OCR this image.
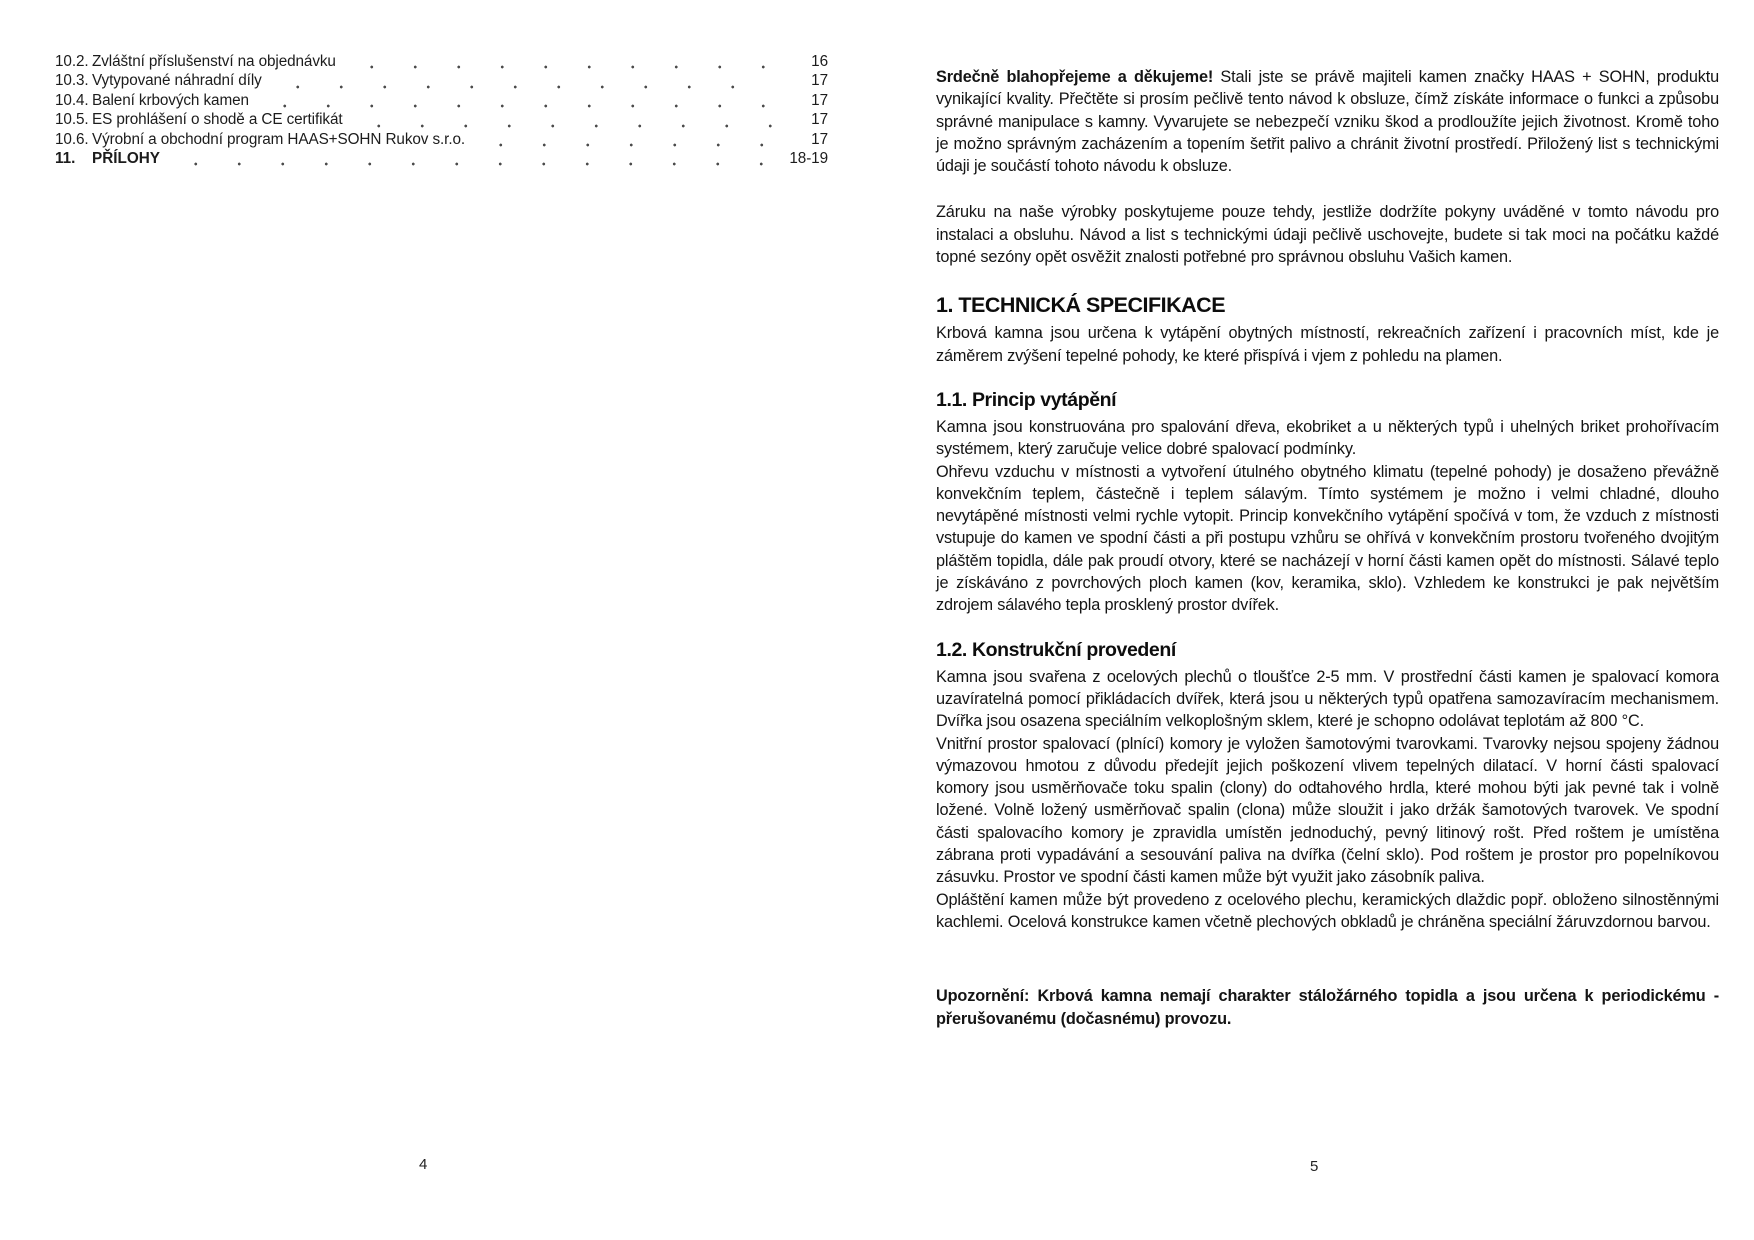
10.2. Zvláštní příslušenství na objednávku	16
10.3. Vytypované náhradní díly	17
10.4. Balení krbových kamen	17
10.5. ES prohlášení o shodě a CE certifikát	17
10.6. Výrobní a obchodní program HAAS+SOHN Rukov s.r.o.	17
11.	PŘÍLOHY	18-19

Srdečně blahopřejeme a děkujeme! Stali jste se právě majiteli kamen značky HAAS + SOHN, produktu vynikající kvality. Přečtěte si prosím pečlivě tento návod k obsluze, čímž získáte informace o funkci a způsobu správné manipulace s kamny. Vyvarujete se nebezpečí vzniku škod a prodloužíte jejich životnost. Kromě toho je možno správným zacházením a topením šetřit palivo a chránit životní prostředí. Přiložený list s technickými údaji je součástí tohoto návodu k obsluze.

Záruku na naše výrobky poskytujeme pouze tehdy, jestliže dodržíte pokyny uváděné v tomto návodu pro instalaci a obsluhu. Návod a list s technickými údaji pečlivě uschovejte, budete si tak moci na počátku každé topné sezóny opět osvěžit znalosti potřebné pro správnou obsluhu Vašich kamen.

1. TECHNICKÁ SPECIFIKACE

Krbová kamna jsou určena k vytápění obytných místností, rekreačních zařízení i pracovních míst, kde je záměrem zvýšení tepelné pohody, ke které přispívá i vjem z pohledu na plamen.

1.1. Princip vytápění

Kamna jsou konstruována pro spalování dřeva, ekobriket a u některých typů i uhelných briket prohořívacím systémem, který zaručuje velice dobré spalovací podmínky.

Ohřevu vzduchu v místnosti a vytvoření útulného obytného klimatu (tepelné pohody) je dosaženo převážně konvekčním teplem, částečně i teplem sálavým. Tímto systémem je možno i velmi chladné, dlouho nevytápěné místnosti velmi rychle vytopit. Princip konvekčního vytápění spočívá v tom, že vzduch z místnosti vstupuje do kamen ve spodní části a při postupu vzhůru se ohřívá v konvekčním prostoru tvořeného dvojitým pláštěm topidla, dále pak proudí otvory, které se nacházejí v horní části kamen opět do místnosti. Sálavé teplo je získáváno z povrchových ploch kamen (kov, keramika, sklo). Vzhledem ke konstrukci je pak největším zdrojem sálavého tepla prosklený prostor dvířek.

1.2. Konstrukční provedení

Kamna jsou svařena z ocelových plechů o tloušťce 2-5 mm. V prostřední části kamen je spalovací komora uzavíratelná pomocí přikládacích dvířek, která jsou u některých typů opatřena samozavíracím mechanismem. Dvířka jsou osazena speciálním velkoplošným sklem, které je schopno odolávat teplotám až 800 °C.

Vnitřní prostor spalovací (plnící) komory je vyložen šamotovými tvarovkami. Tvarovky nejsou spojeny žádnou výmazovou hmotou z důvodu předejít jejich poškození vlivem tepelných dilatací. V horní části spalovací komory jsou usměrňovače toku spalin (clony) do odtahového hrdla, které mohou býti jak pevné tak i volně ložené. Volně ložený usměrňovač spalin (clona) může sloužit i jako držák šamotových tvarovek. Ve spodní části spalovacího komory je zpravidla umístěn jednoduchý, pevný litinový rošt. Před roštem je umístěna zábrana proti vypadávání a sesouvání paliva na dvířka (čelní sklo). Pod roštem je prostor pro popelníkovou zásuvku. Prostor ve spodní části kamen může být využit jako zásobník paliva.

Opláštění kamen může být provedeno z ocelového plechu, keramických dlaždic popř. obloženo silnostěnnými kachlemi. Ocelová konstrukce kamen včetně plechových obkladů je chráněna speciální žáruvzdornou barvou.

Upozornění: Krbová kamna nemají charakter stáložárného topidla a jsou určena k periodickému - přerušovanému (dočasnému) provozu.

4	5
